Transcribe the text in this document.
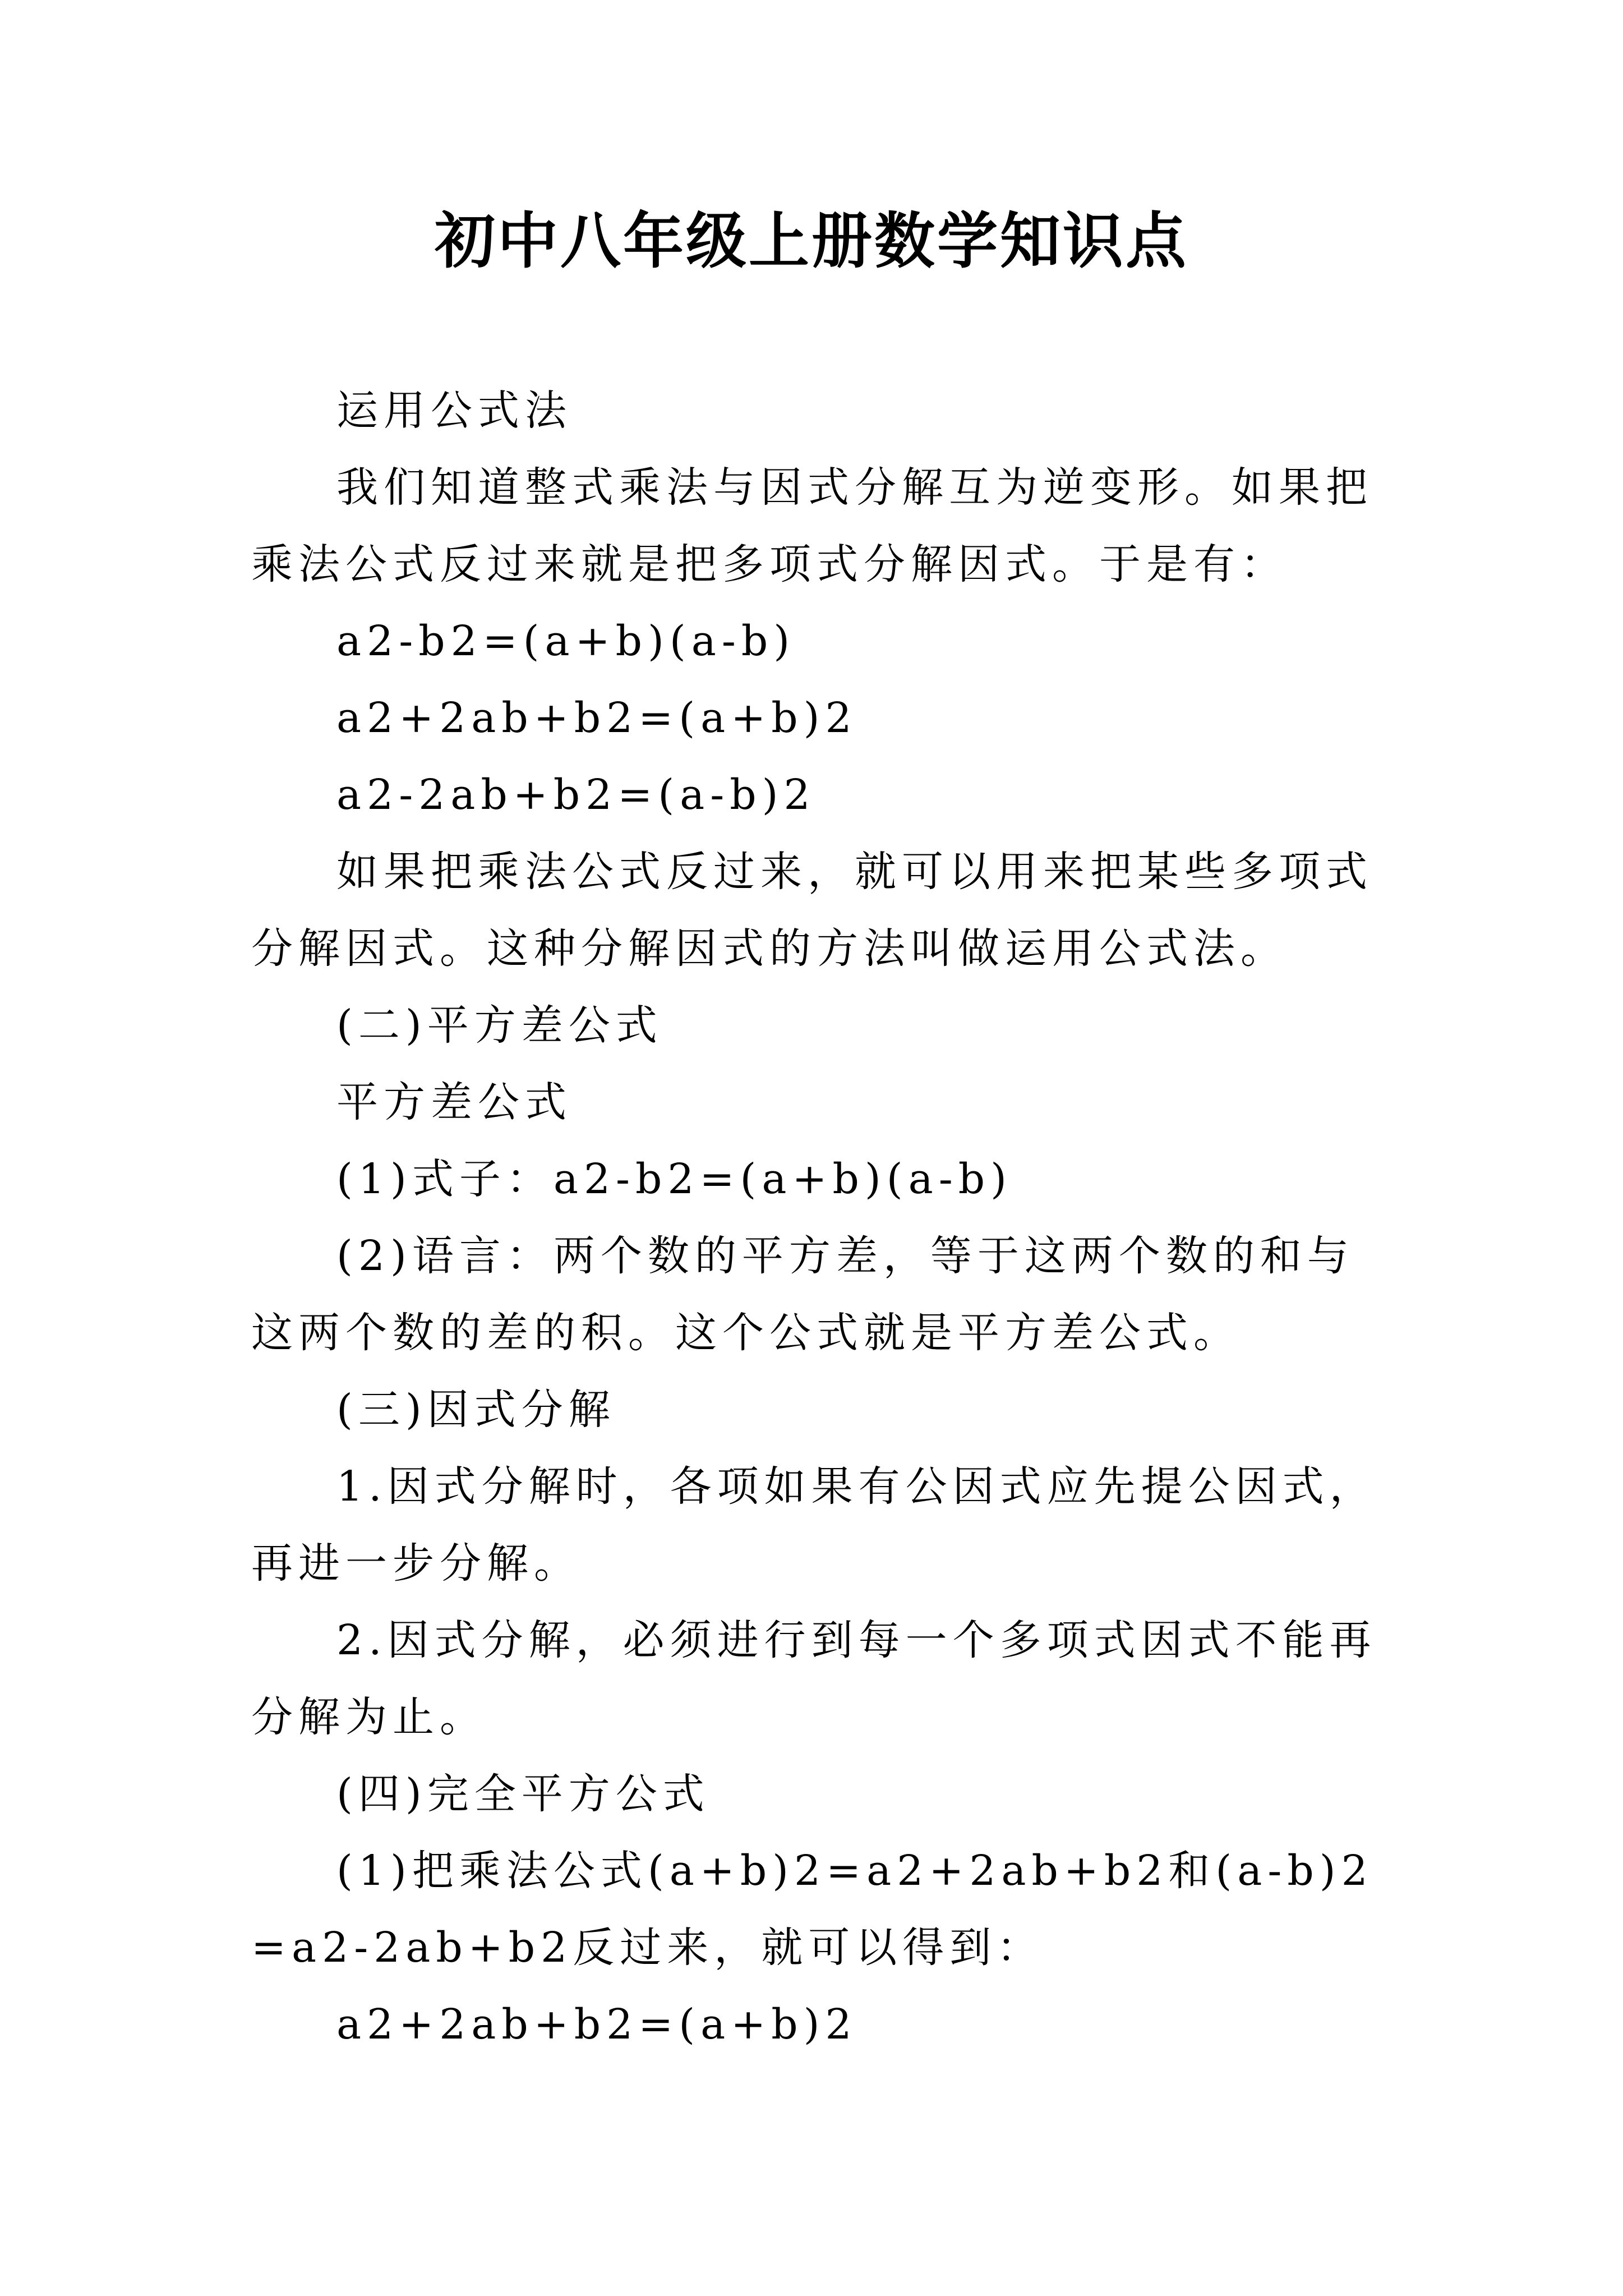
初中八年级上册数学知识点

运用公式法

我们知道整式乘法与因式分解互为逆变形。如果把乘法公式反过来就是把多项式分解因式。于是有：

a2-b2=(a+b)(a-b)

a2+2ab+b2=(a+b)2

a2-2ab+b2=(a-b)2

如果把乘法公式反过来，就可以用来把某些多项式分解因式。这种分解因式的方法叫做运用公式法。

(二)平方差公式

平方差公式

(1)式子：a2-b2=(a+b)(a-b)

(2)语言：两个数的平方差，等于这两个数的和与这两个数的差的积。这个公式就是平方差公式。

(三)因式分解

1.因式分解时，各项如果有公因式应先提公因式，再进一步分解。

2.因式分解，必须进行到每一个多项式因式不能再分解为止。

(四)完全平方公式

(1)把乘法公式(a+b)2=a2+2ab+b2和(a-b)2=a2-2ab+b2反过来，就可以得到：

a2+2ab+b2=(a+b)2
